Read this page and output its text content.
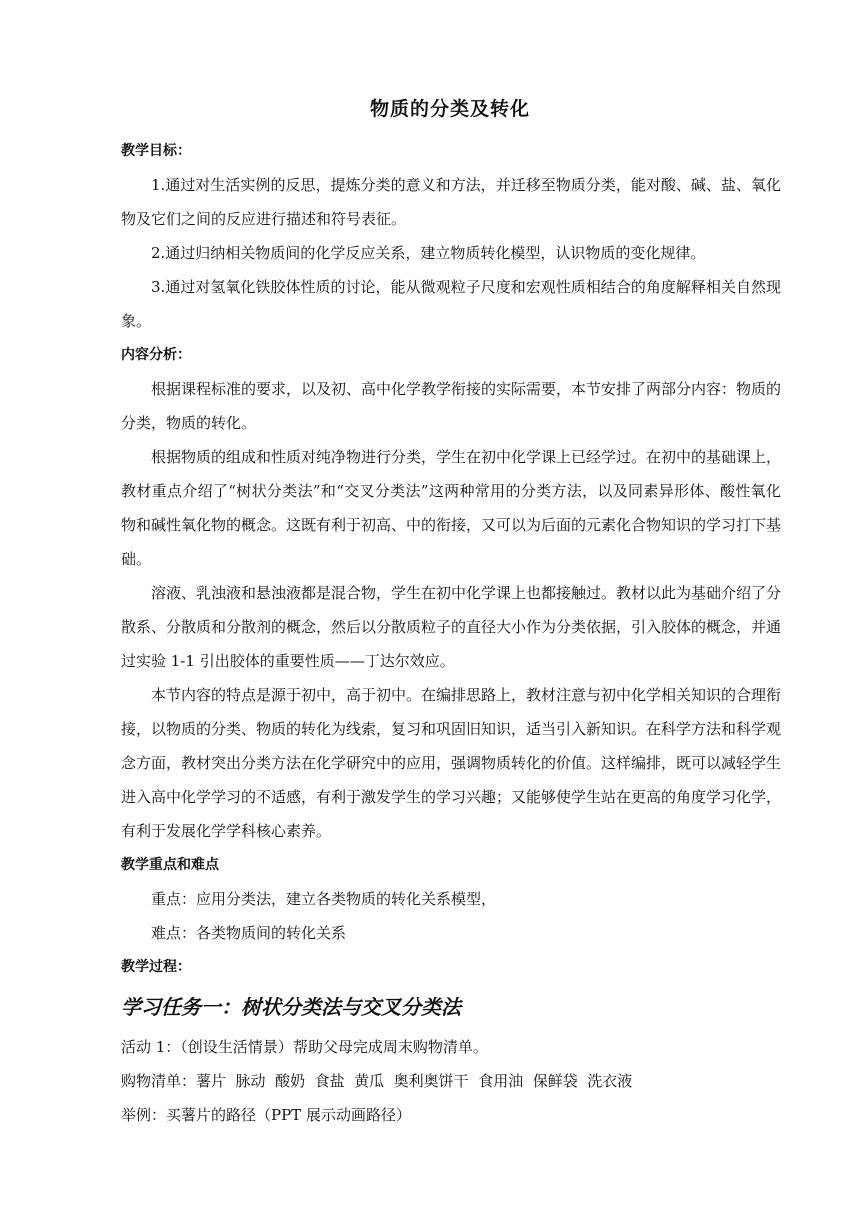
物质的分类及转化

教学目标：

1.通过对生活实例的反思，提炼分类的意义和方法，并迁移至物质分类，能对酸、碱、盐、氧化物及它们之间的反应进行描述和符号表征。

2.通过归纳相关物质间的化学反应关系，建立物质转化模型，认识物质的变化规律。

3.通过对氢氧化铁胶体性质的讨论，能从微观粒子尺度和宏观性质相结合的角度解释相关自然现象。

内容分析：

根据课程标准的要求，以及初、高中化学教学衔接的实际需要，本节安排了两部分内容：物质的分类，物质的转化。

根据物质的组成和性质对纯净物进行分类，学生在初中化学课上已经学过。在初中的基础课上，教材重点介绍了“树状分类法”和“交叉分类法”这两种常用的分类方法，以及同素异形体、酸性氧化物和碱性氧化物的概念。这既有利于初高、中的衔接，又可以为后面的元素化合物知识的学习打下基础。

溶液、乳浊液和悬浊液都是混合物，学生在初中化学课上也都接触过。教材以此为基础介绍了分散系、分散质和分散剂的概念，然后以分散质粒子的直径大小作为分类依据，引入胶体的概念，并通过实验 1-1 引出胶体的重要性质——丁达尔效应。

本节内容的特点是源于初中，高于初中。在编排思路上，教材注意与初中化学相关知识的合理衔接，以物质的分类、物质的转化为线索，复习和巩固旧知识，适当引入新知识。在科学方法和科学观念方面，教材突出分类方法在化学研究中的应用，强调物质转化的价值。这样编排，既可以减轻学生进入高中化学学习的不适感，有利于激发学生的学习兴趣；又能够使学生站在更高的角度学习化学，有利于发展化学学科核心素养。

教学重点和难点

重点：应用分类法，建立各类物质的转化关系模型，

难点：各类物质间的转化关系

教学过程：

学习任务一：树状分类法与交叉分类法

活动 1：（创设生活情景）帮助父母完成周末购物清单。

购物清单：薯片  脉动  酸奶  食盐  黄瓜  奥利奥饼干  食用油  保鲜袋  洗衣液

举例：买薯片的路径（PPT 展示动画路径）
